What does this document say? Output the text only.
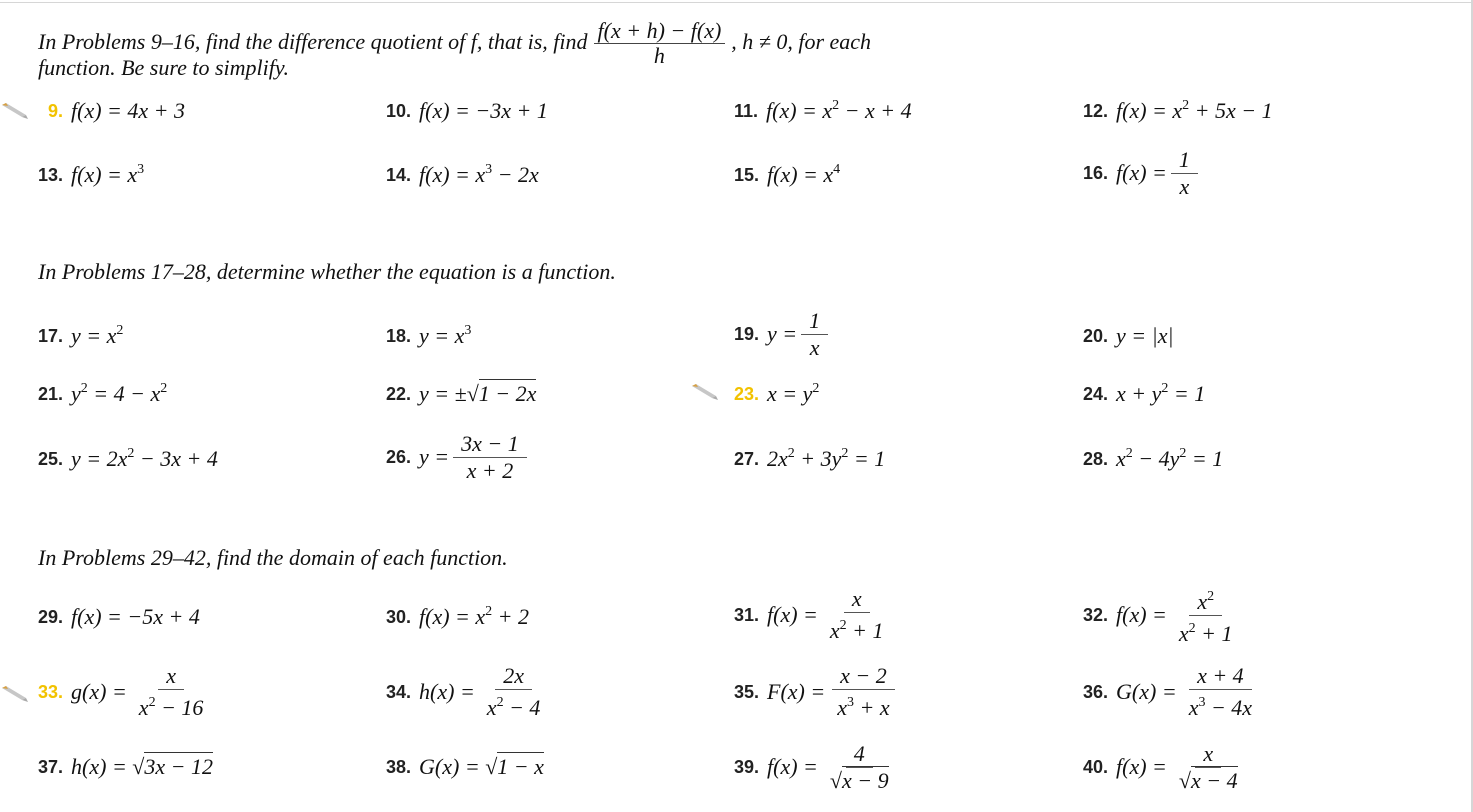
In Problems 9–16, find the difference quotient of f, that is, find $\frac{f(x + h) - f(x)}{h}$ , h ≠ 0, for each
function. Be sure to simplify.
9. f(x) = 4x + 3	10. f(x) = −3x + 1	11. $f(x) = x^2 - x + 4$	12. $f(x) = x^2 + 5x - 1$
13. $f(x) = x^3$	14. $f(x) = x^3 - 2x$	15. $f(x) = x^4$	16. $f(x) = \frac{1}{x}$
In Problems 17–28, determine whether the equation is a function.
17. $y = x^2$	18. $y = x^3$	19. $y = \frac{1}{x}$	20. y = |x|
21. $y^2 = 4 - x^2$	22. y = ±√1 − 2x	23. $x = y^2$	24. $x + y^2 = 1$
25. $y = 2x^2 - 3x + 4$	26. $y = \frac{3x - 1}{x + 2}$	27. $2x^2 + 3y^2 = 1$	28. $x^2 - 4y^2 = 1$
In Problems 29–42, find the domain of each function.
29. f(x) = −5x + 4	30. $f(x) = x^2 + 2$	31. $f(x) = \frac{x}{x^2 + 1}$	32. $f(x) = \frac{x^2}{x^2 + 1}$
33. $g(x) = \frac{x}{x^2 - 16}$	34. $h(x) = \frac{2x}{x^2 - 4}$	35. $F(x) = \frac{x - 2}{x^3 + x}$	36. $G(x) = \frac{x + 4}{x^3 - 4x}$
37. h(x) = √3x − 12	38. G(x) = √1 − x	39. $f(x) = \frac{4}{√x - 9}$	40. $f(x) = \frac{x}{√x - 4}$
